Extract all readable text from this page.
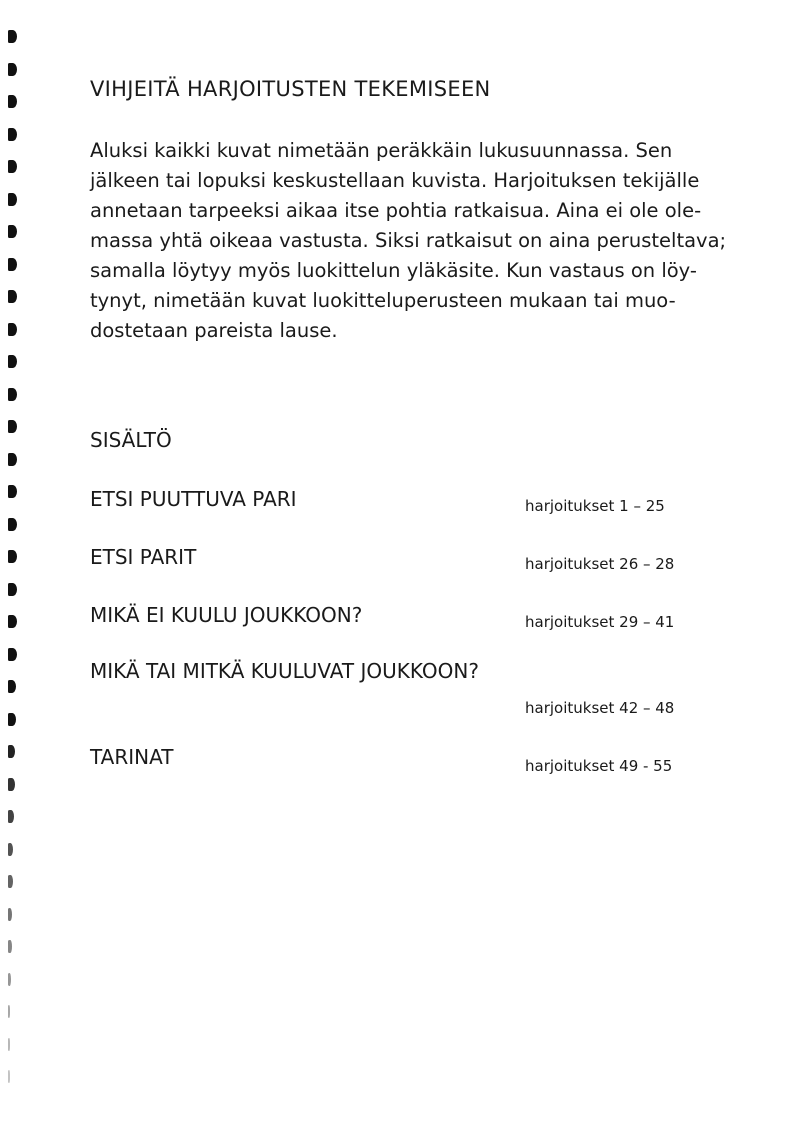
VIHJEITÄ HARJOITUSTEN TEKEMISEEN

Aluksi kaikki kuvat nimetään peräkkäin lukusuunnassa. Sen
jälkeen tai lopuksi keskustellaan kuvista. Harjoituksen tekijälle
annetaan tarpeeksi aikaa itse pohtia ratkaisua. Aina ei ole ole-
massa yhtä oikeaa vastusta. Siksi ratkaisut on aina perusteltava;
samalla löytyy myös luokittelun yläkäsite. Kun vastaus on löy-
tynyt, nimetään kuvat luokitteluperusteen mukaan tai muo-
dostetaan pareista lause.

SISÄLTÖ
ETSI PUUTTUVA PARI	harjoitukset 1 – 25
ETSI PARIT	harjoitukset 26 – 28
MIKÄ EI KUULU JOUKKOON?	harjoitukset 29 – 41
MIKÄ TAI MITKÄ KUULUVAT JOUKKOON?
harjoitukset 42 – 48
TARINAT	harjoitukset 49 - 55
